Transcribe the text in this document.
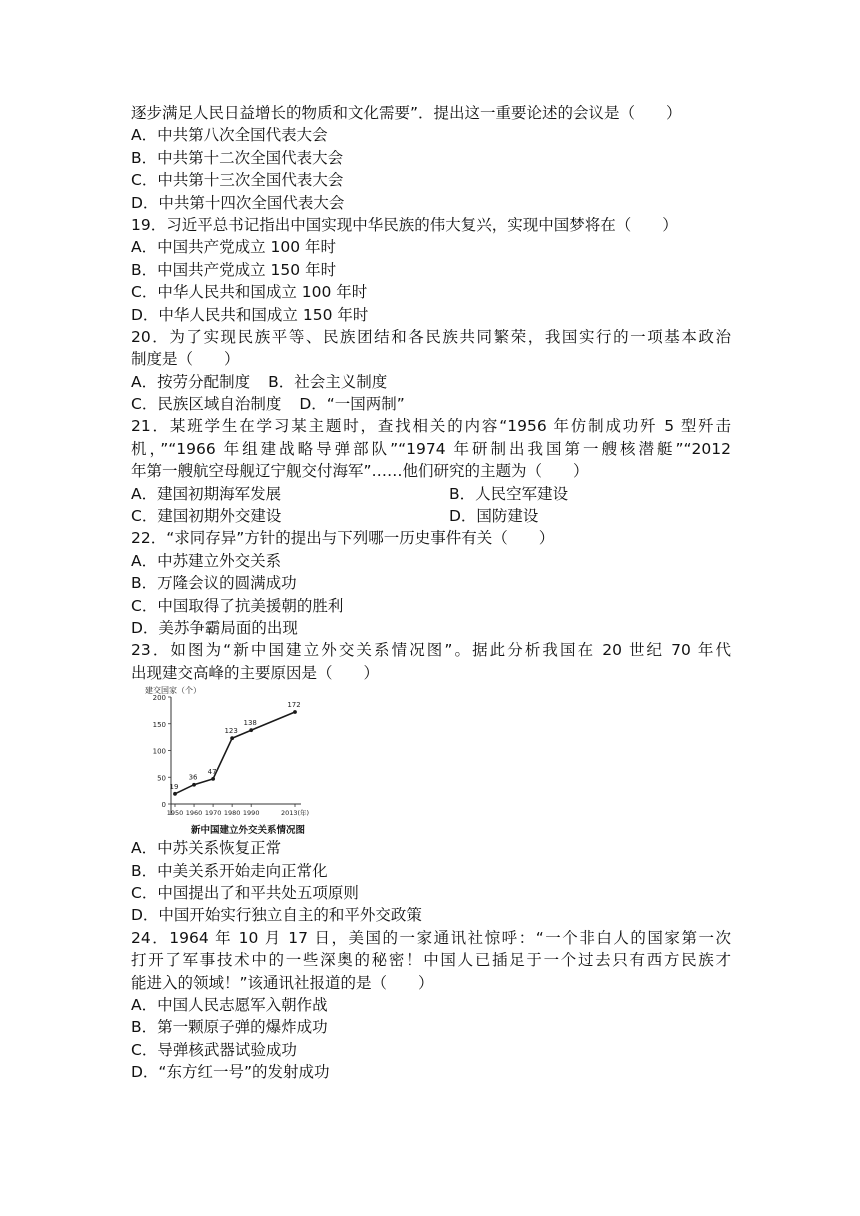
逐步满足人民日益增长的物质和文化需要”．提出这一重要论述的会议是（　　）
A．中共第八次全国代表大会
B．中共第十二次全国代表大会
C．中共第十三次全国代表大会
D．中共第十四次全国代表大会
19．习近平总书记指出中国实现中华民族的伟大复兴，实现中国梦将在（　　）
A．中国共产党成立 100 年时
B．中国共产党成立 150 年时
C．中华人民共和国成立 100 年时
D．中华人民共和国成立 150 年时
20．为了实现民族平等、民族团结和各民族共同繁荣，我国实行的一项基本政治
制度是（　　）
A．按劳分配制度 B．社会主义制度
C．民族区域自治制度 D．“一国两制”
21．某班学生在学习某主题时，查找相关的内容“1956 年仿制成功歼 5 型歼击
机，”“1966 年组建战略导弹部队”“1974 年研制出我国第一艘核潜艇”“2012
年第一艘航空母舰辽宁舰交付海军”……他们研究的主题为（　　）
A．建国初期海军发展	B．人民空军建设
C．建国初期外交建设	D．国防建设
22．“求同存异”方针的提出与下列哪一历史事件有关（　　）
A．中苏建立外交关系
B．万隆会议的圆满成功
C．中国取得了抗美援朝的胜利
D．美苏争霸局面的出现
23．如图为“新中国建立外交关系情况图”。据此分析我国在 20 世纪 70 年代
出现建交高峰的主要原因是（　　）
建交国家（个）
0
50
100
150
200
1950 1960 1970 1980 1990	2013(年)
19
36
47
123
138
172
新中国建立外交关系情况图
A．中苏关系恢复正常
B．中美关系开始走向正常化
C．中国提出了和平共处五项原则
D．中国开始实行独立自主的和平外交政策
24．1964 年 10 月 17 日，美国的一家通讯社惊呼：“一个非白人的国家第一次
打开了军事技术中的一些深奥的秘密！中国人已插足于一个过去只有西方民族才
能进入的领域！”该通讯社报道的是（　　）
A．中国人民志愿军入朝作战
B．第一颗原子弹的爆炸成功
C．导弹核武器试验成功
D．“东方红一号”的发射成功
